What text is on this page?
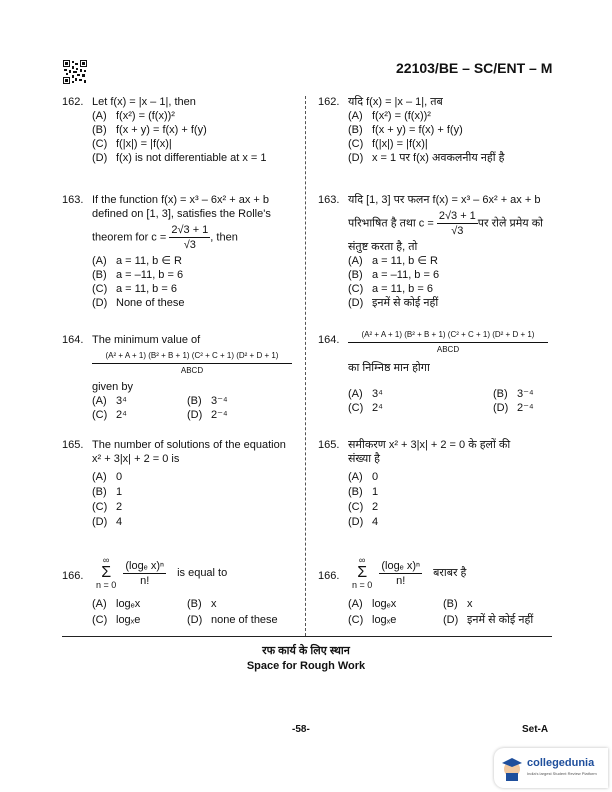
22103/BE – SC/ENT – M
162. Let f(x) = |x – 1|, then
(A) f(x²) = (f(x))²
(B) f(x + y) = f(x) + f(y)
(C) f(|x|) = |f(x)|
(D) f(x) is not differentiable at x = 1
162. यदि f(x) = |x – 1|, तब
(A) f(x²) = (f(x))²
(B) f(x + y) = f(x) + f(y)
(C) f(|x|) = |f(x)|
(D) x = 1 पर f(x) अवकलनीय नहीं है
163. If the function f(x) = x³ – 6x² + ax + b
defined on [1, 3], satisfies the Rolle's
theorem for $c = \frac{2√3 + 1}{√3}$ , then
(A) a = 11, b ∈ R
(B) a = –11, b = 6
(C) a = 11, b = 6
(D) None of these
163. यदि [1, 3] पर फलन f(x) = x³ – 6x² + ax + b
परिभाषित है तथा $c = \frac{2√3 + 1}{√3}$ पर रोले प्रमेय को
संतुष्ट करता है, तो
(A) a = 11, b ∈ R
(B) a = –11, b = 6
(C) a = 11, b = 6
(D) इनमें से कोई नहीं
164. The minimum value of
$\frac{\text{(A² + A + 1) (B² + B + 1) (C² + C + 1) (D² + D + 1)}}{\text{ABCD}}$
given by
(A) 3⁴	(B) 3⁻⁴
(C) 2⁴	(D) 2⁻⁴
164. $\frac{\text{(A² + A + 1) (B² + B + 1) (C² + C + 1) (D² + D + 1)}}{\text{ABCD}}$
का निम्निष्ठ मान होगा
(A) 3⁴	(B) 3⁻⁴
(C) 2⁴	(D) 2⁻⁴
165. The number of solutions of the equation
x² + 3|x| + 2 = 0 is
(A) 0
(B) 1
(C) 2
(D) 4
165. समीकरण x² + 3|x| + 2 = 0 के हलों की
संख्या है
(A) 0
(B) 1
(C) 2
(D) 4
166.
∞
Σ
n = 0
$\frac{\text{(logₑ x)ⁿ}}{n!}$ is equal to
(A) logₑx	(B) x
(C) logₓe	(D) none of these
166.
∞
Σ
n = 0
$\frac{\text{(logₑ x)ⁿ}}{n!}$ बराबर है
(A) logₑx	(B) x
(C) logₓe	(D) इनमें से कोई नहीं
रफ कार्य के लिए स्थान
Space for Rough Work
-58-	Set-A
collegedunia
India's largest Student Review Platform
